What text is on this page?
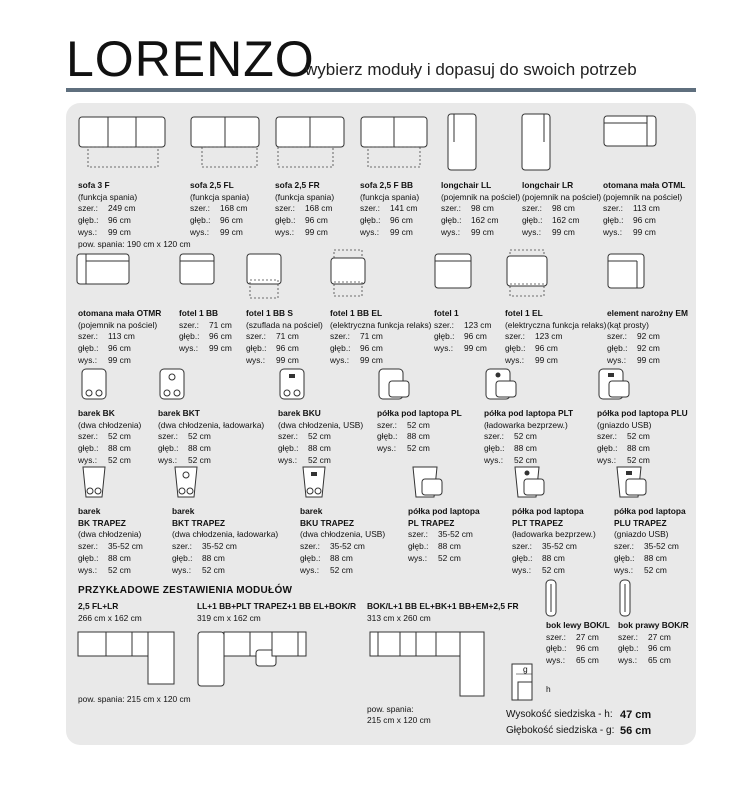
LORENZO
wybierz moduły i dopasuj do swoich potrzeb
g
h
sofa 3 F
(funkcja spania)
szer.: 249 cm
głęb.: 96 cm
wys.: 99 cm
pow. spania: 190 cm x 120 cm
sofa 2,5 FL
(funkcja spania)
szer.: 168 cm
głęb.: 96 cm
wys.: 99 cm
sofa 2,5 FR
(funkcja spania)
szer.: 168 cm
głęb.: 96 cm
wys.: 99 cm
sofa 2,5 F BB
(funkcja spania)
szer.: 141 cm
głęb.: 96 cm
wys.: 99 cm
longchair LL
(pojemnik na pościel)
szer.: 98 cm
głęb.: 162 cm
wys.: 99 cm
longchair LR
(pojemnik na pościel)
szer.: 98 cm
głęb.: 162 cm
wys.: 99 cm
otomana mała OTML
(pojemnik na pościel)
szer.: 113 cm
głęb.: 96 cm
wys.: 99 cm
otomana mała OTMR
(pojemnik na pościel)
szer.: 113 cm
głęb.: 96 cm
wys.: 99 cm
fotel 1 BB
szer.: 71 cm
głęb.: 96 cm
wys.: 99 cm
fotel 1 BB S
(szuflada na pościel)
szer.: 71 cm
głęb.: 96 cm
wys.: 99 cm
fotel 1 BB EL
(elektryczna funkcja relaks)
szer.: 71 cm
głęb.: 96 cm
wys.: 99 cm
fotel 1
szer.: 123 cm
głęb.: 96 cm
wys.: 99 cm
fotel 1 EL
(elektryczna funkcja relaks)
szer.: 123 cm
głęb.: 96 cm
wys.: 99 cm
element narożny EM
(kąt prosty)
szer.: 92 cm
głęb.: 92 cm
wys.: 99 cm
barek BK
(dwa chłodzenia)
szer.: 52 cm
głęb.: 88 cm
wys.: 52 cm
barek BKT
(dwa chłodzenia, ładowarka)
szer.: 52 cm
głęb.: 88 cm
wys.: 52 cm
barek BKU
(dwa chłodzenia, USB)
szer.: 52 cm
głęb.: 88 cm
wys.: 52 cm
półka pod laptopa PL
szer.: 52 cm
głęb.: 88 cm
wys.: 52 cm
półka pod laptopa PLT
(ładowarka bezprzew.)
szer.: 52 cm
głęb.: 88 cm
wys.: 52 cm
półka pod laptopa PLU
(gniazdo USB)
szer.: 52 cm
głęb.: 88 cm
wys.: 52 cm
barek
BK TRAPEZ
(dwa chłodzenia)
szer.: 35-52 cm
głęb.: 88 cm
wys.: 52 cm
barek
BKT TRAPEZ
(dwa chłodzenia, ładowarka)
szer.: 35-52 cm
głęb.: 88 cm
wys.: 52 cm
barek
BKU TRAPEZ
(dwa chłodzenia, USB)
szer.: 35-52 cm
głęb.: 88 cm
wys.: 52 cm
półka pod laptopa
PL TRAPEZ
szer.: 35-52 cm
głęb.: 88 cm
wys.: 52 cm
półka pod laptopa
PLT TRAPEZ
(ładowarka bezprzew.)
szer.: 35-52 cm
głęb.: 88 cm
wys.: 52 cm
półka pod laptopa
PLU TRAPEZ
(gniazdo USB)
szer.: 35-52 cm
głęb.: 88 cm
wys.: 52 cm
bok lewy BOK/L
szer.: 27 cm
głęb.: 96 cm
wys.: 65 cm
bok prawy BOK/R
szer.: 27 cm
głęb.: 96 cm
wys.: 65 cm
PRZYKŁADOWE ZESTAWIENIA MODUŁÓW
2,5 FL+LR
266 cm x 162 cm
pow. spania: 215 cm x 120 cm
LL+1 BB+PLT TRAPEZ+1 BB EL+BOK/R
319 cm x 162 cm
BOK/L+1 BB EL+BK+1 BB+EM+2,5 FR
313 cm x 260 cm
pow. spania:
215 cm x 120 cm	Wysokość siedziska - h: 47 cm
Głębokość siedziska - g: 56 cm
